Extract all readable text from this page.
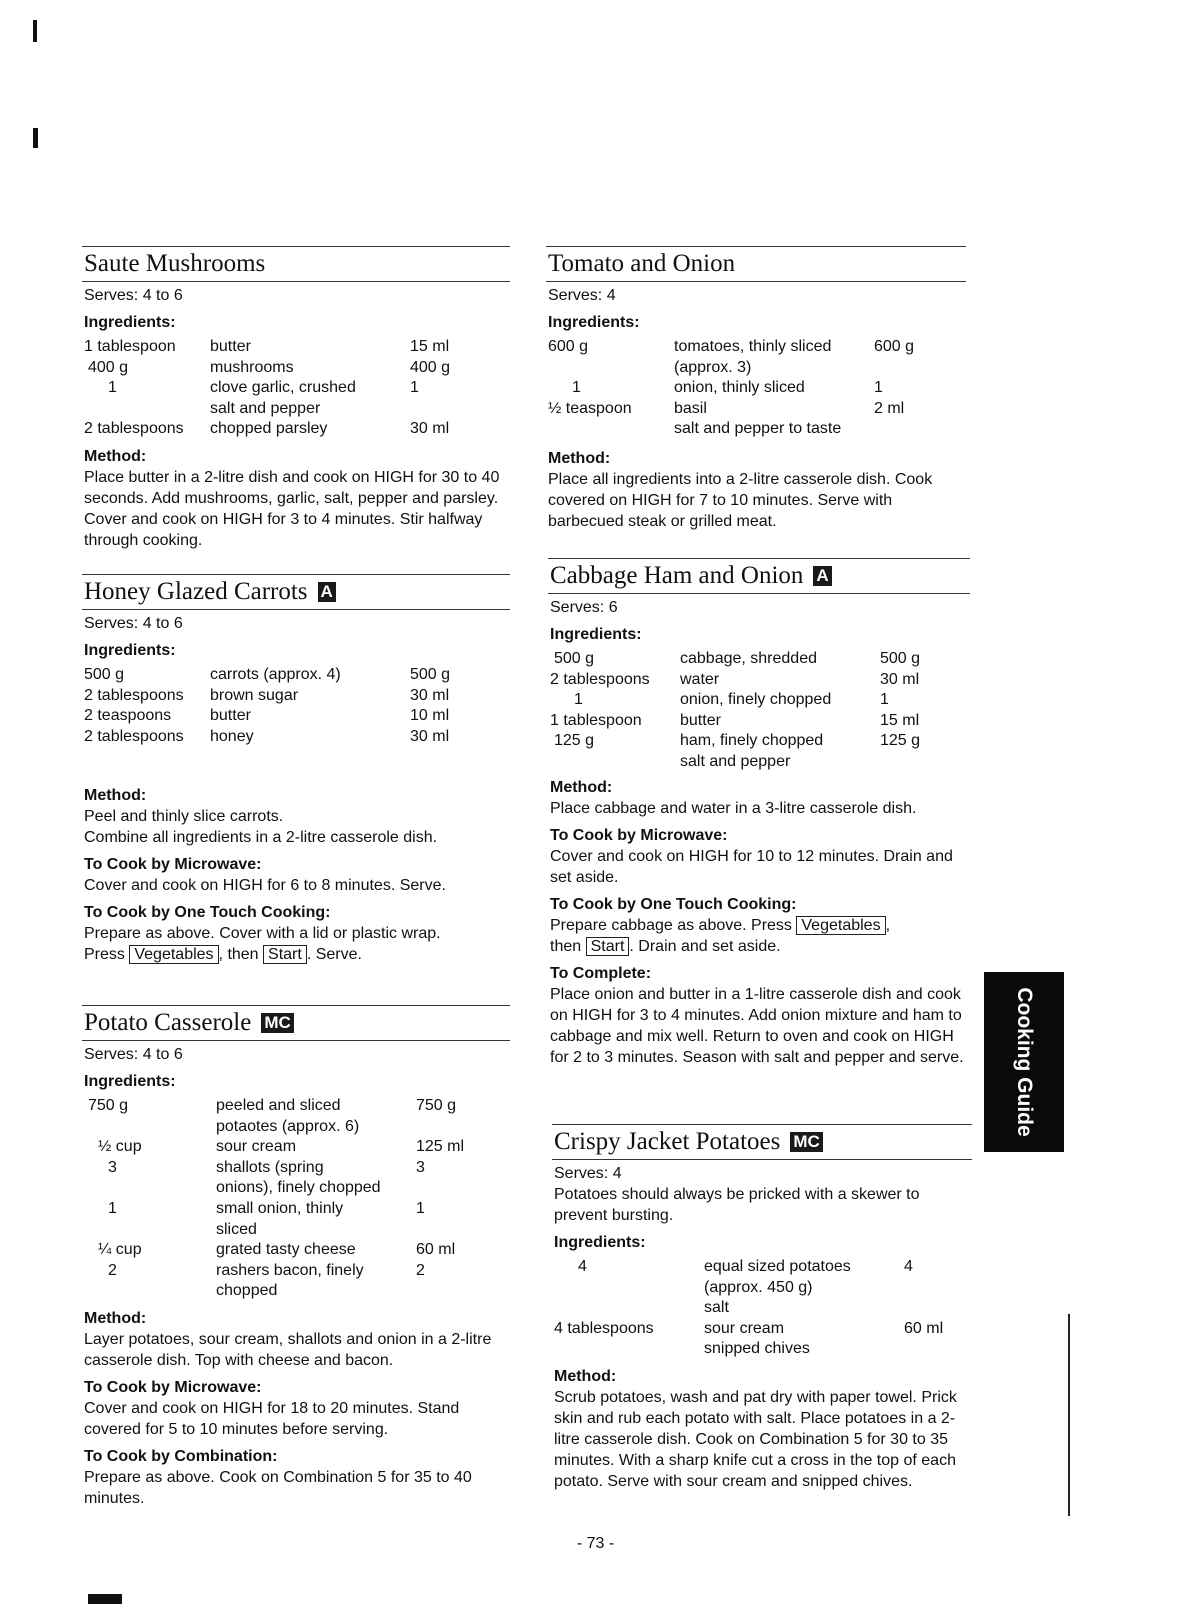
Saute Mushrooms
Serves: 4 to 6
Ingredients:
1 tablespoon	butter	15 ml
400 g	mushrooms	400 g
1	clove garlic, crushed	1
	salt and pepper	
2 tablespoons	chopped parsley	30 ml
Method:
Place butter in a 2-litre dish and cook on HIGH for 30 to 40 seconds. Add mushrooms, garlic, salt, pepper and parsley. Cover and cook on HIGH for 3 to 4 minutes. Stir halfway through cooking.
Honey Glazed Carrots A
Serves: 4 to 6
Ingredients:
500 g	carrots (approx. 4)	500 g
2 tablespoons	brown sugar	30 ml
2 teaspoons	butter	10 ml
2 tablespoons	honey	30 ml
Method:
Peel and thinly slice carrots.
Combine all ingredients in a 2-litre casserole dish.
To Cook by Microwave:
Cover and cook on HIGH for 6 to 8 minutes. Serve.
To Cook by One Touch Cooking:
Prepare as above. Cover with a lid or plastic wrap.
Press Vegetables , then Start . Serve.
Potato Casserole MC
Serves: 4 to 6
Ingredients:
750 g	peeled and sliced	750 g
	potaotes (approx. 6)	
½ cup	sour cream	125 ml
3	shallots (spring	3
	onions), finely chopped	
1	small onion, thinly	1
	sliced	
¼ cup	grated tasty cheese	60 ml
2	rashers bacon, finely	2
	chopped	
Method:
Layer potatoes, sour cream, shallots and onion in a 2-litre casserole dish. Top with cheese and bacon.
To Cook by Microwave:
Cover and cook on HIGH for 18 to 20 minutes. Stand covered for 5 to 10 minutes before serving.
To Cook by Combination:
Prepare as above. Cook on Combination 5 for 35 to 40 minutes.
Tomato and Onion
Serves: 4
Ingredients:
600 g	tomatoes, thinly sliced	600 g
	(approx. 3)	
1	onion, thinly sliced	1
½ teaspoon	basil	2 ml
	salt and pepper to taste	
Method:
Place all ingredients into a 2-litre casserole dish. Cook covered on HIGH for 7 to 10 minutes. Serve with barbecued steak or grilled meat.
Cabbage Ham and Onion A
Serves: 6
Ingredients:
500 g	cabbage, shredded	500 g
2 tablespoons	water	30 ml
1	onion, finely chopped	1
1 tablespoon	butter	15 ml
125 g	ham, finely chopped	125 g
	salt and pepper	
Method:
Place cabbage and water in a 3-litre casserole dish.
To Cook by Microwave:
Cover and cook on HIGH for 10 to 12 minutes. Drain and set aside.
To Cook by One Touch Cooking:
Prepare cabbage as above. Press Vegetables ,
then Start . Drain and set aside.
To Complete:
Place onion and butter in a 1-litre casserole dish and cook on HIGH for 3 to 4 minutes. Add onion mixture and ham to cabbage and mix well. Return to oven and cook on HIGH for 2 to 3 minutes. Season with salt and pepper and serve.
Crispy Jacket Potatoes MC
Serves: 4
Potatoes should always be pricked with a skewer to prevent bursting.
Ingredients:
4	equal sized potatoes	4
	(approx. 450 g)	
	salt	
4 tablespoons	sour cream	60 ml
	snipped chives	
Method:
Scrub potatoes, wash and pat dry with paper towel. Prick skin and rub each potato with salt. Place potatoes in a 2-litre casserole dish. Cook on Combination 5 for 30 to 35 minutes. With a sharp knife cut a cross in the top of each potato. Serve with sour cream and snipped chives.
Cooking Guide
- 73 -
